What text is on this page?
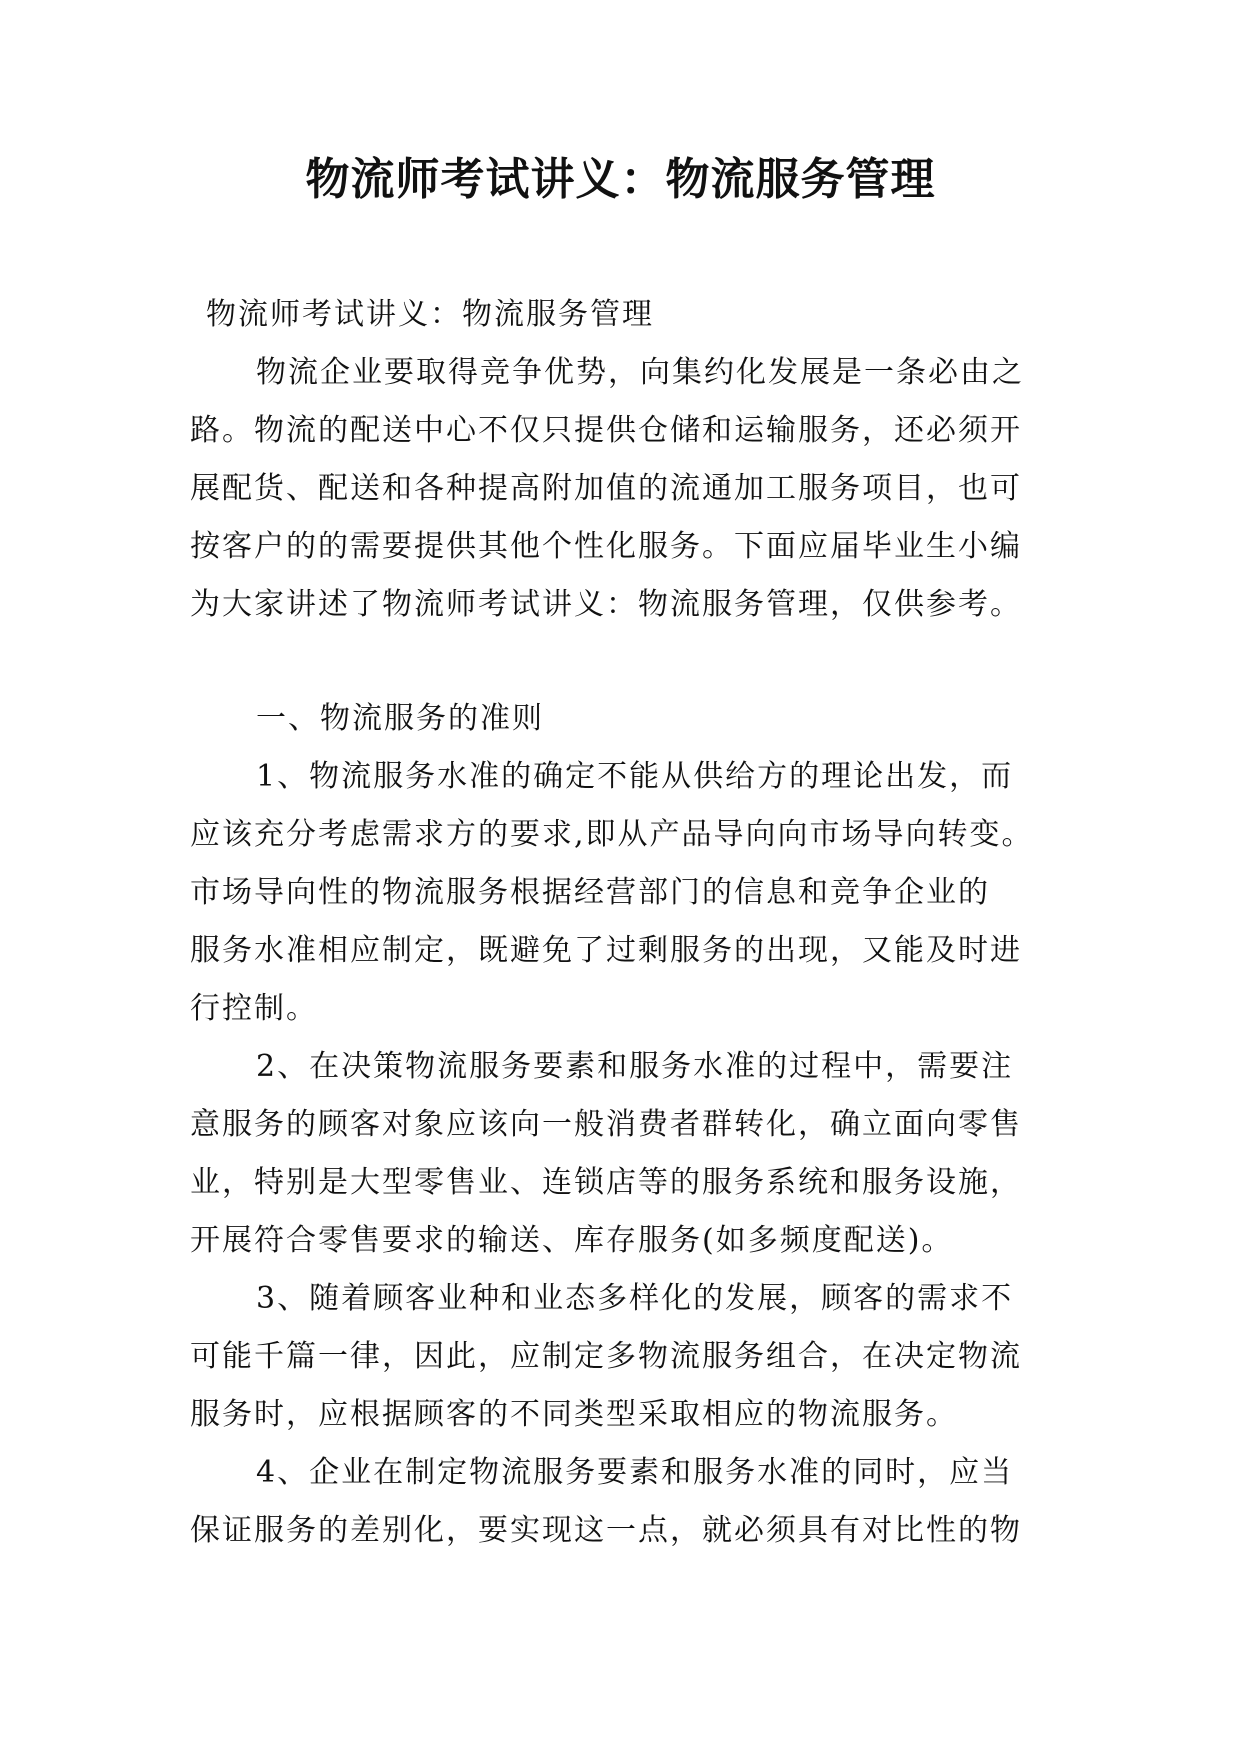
物流师考试讲义：物流服务管理

物流师考试讲义：物流服务管理

物流企业要取得竞争优势，向集约化发展是一条必由之

路。物流的配送中心不仅只提供仓储和运输服务，还必须开

展配货、配送和各种提高附加值的流通加工服务项目，也可

按客户的的需要提供其他个性化服务。下面应届毕业生小编

为大家讲述了物流师考试讲义：物流服务管理，仅供参考。

一、物流服务的准则

1、物流服务水准的确定不能从供给方的理论出发，而

应该充分考虑需求方的要求,即从产品导向向市场导向转变。

市场导向性的物流服务根据经营部门的信息和竞争企业的

服务水准相应制定，既避免了过剩服务的出现，又能及时进

行控制。

2、在决策物流服务要素和服务水准的过程中，需要注

意服务的顾客对象应该向一般消费者群转化，确立面向零售

业，特别是大型零售业、连锁店等的服务系统和服务设施，

开展符合零售要求的输送、库存服务(如多频度配送)。

3、随着顾客业种和业态多样化的发展，顾客的需求不

可能千篇一律，因此，应制定多物流服务组合，在决定物流

服务时，应根据顾客的不同类型采取相应的物流服务。

4、企业在制定物流服务要素和服务水准的同时，应当

保证服务的差别化，要实现这一点，就必须具有对比性的物
